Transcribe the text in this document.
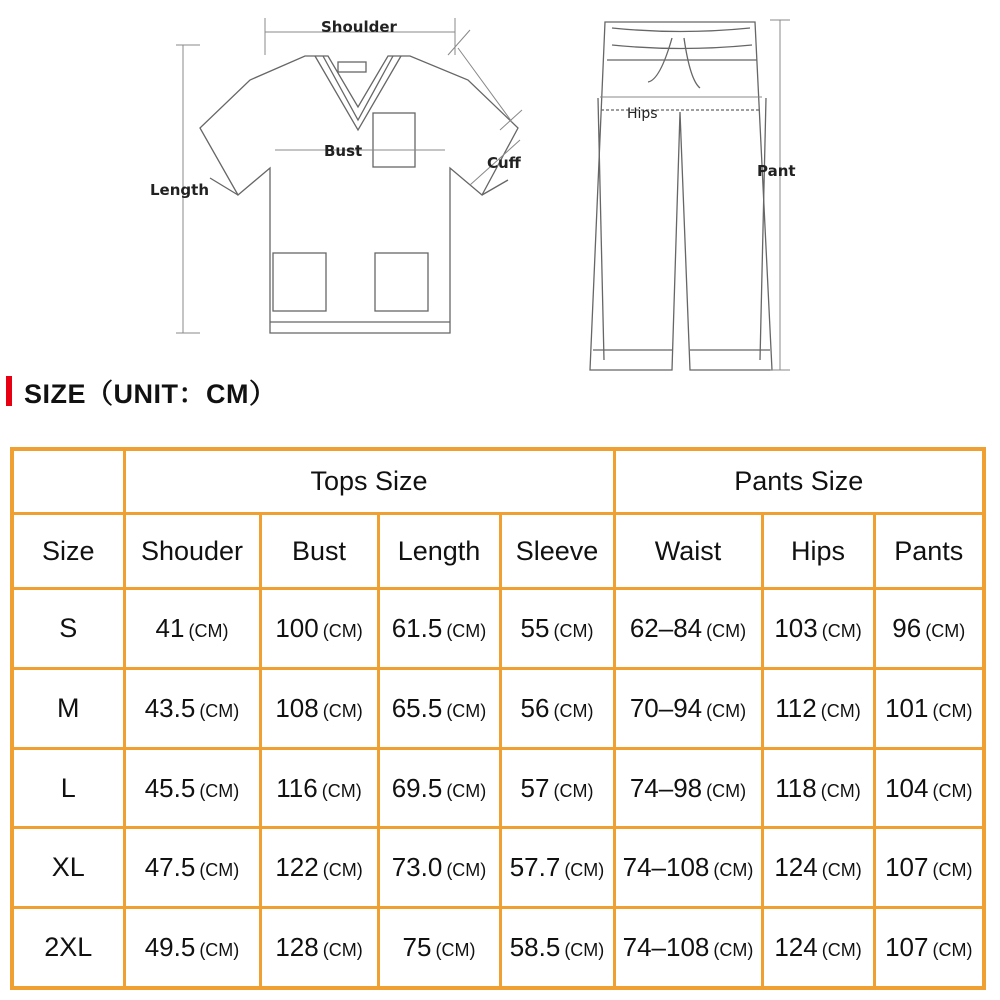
Shoulder
Bust
Cuff
Length
Hips
Pant
SIZE（UNIT：CM）
	Tops Size				Pants Size		
Size	Shouder	Bust	Length	Sleeve	Waist	Hips	Pants
S	41 (CM)	100 (CM)	61.5 (CM)	55 (CM)	62–84 (CM)	103 (CM)	96 (CM)
M	43.5 (CM)	108 (CM)	65.5 (CM)	56 (CM)	70–94 (CM)	112 (CM)	101 (CM)
L	45.5 (CM)	116 (CM)	69.5 (CM)	57 (CM)	74–98 (CM)	118 (CM)	104 (CM)
XL	47.5 (CM)	122 (CM)	73.0 (CM)	57.7 (CM)	74–108 (CM)	124 (CM)	107 (CM)
2XL	49.5 (CM)	128 (CM)	75 (CM)	58.5 (CM)	74–108 (CM)	124 (CM)	107 (CM)
